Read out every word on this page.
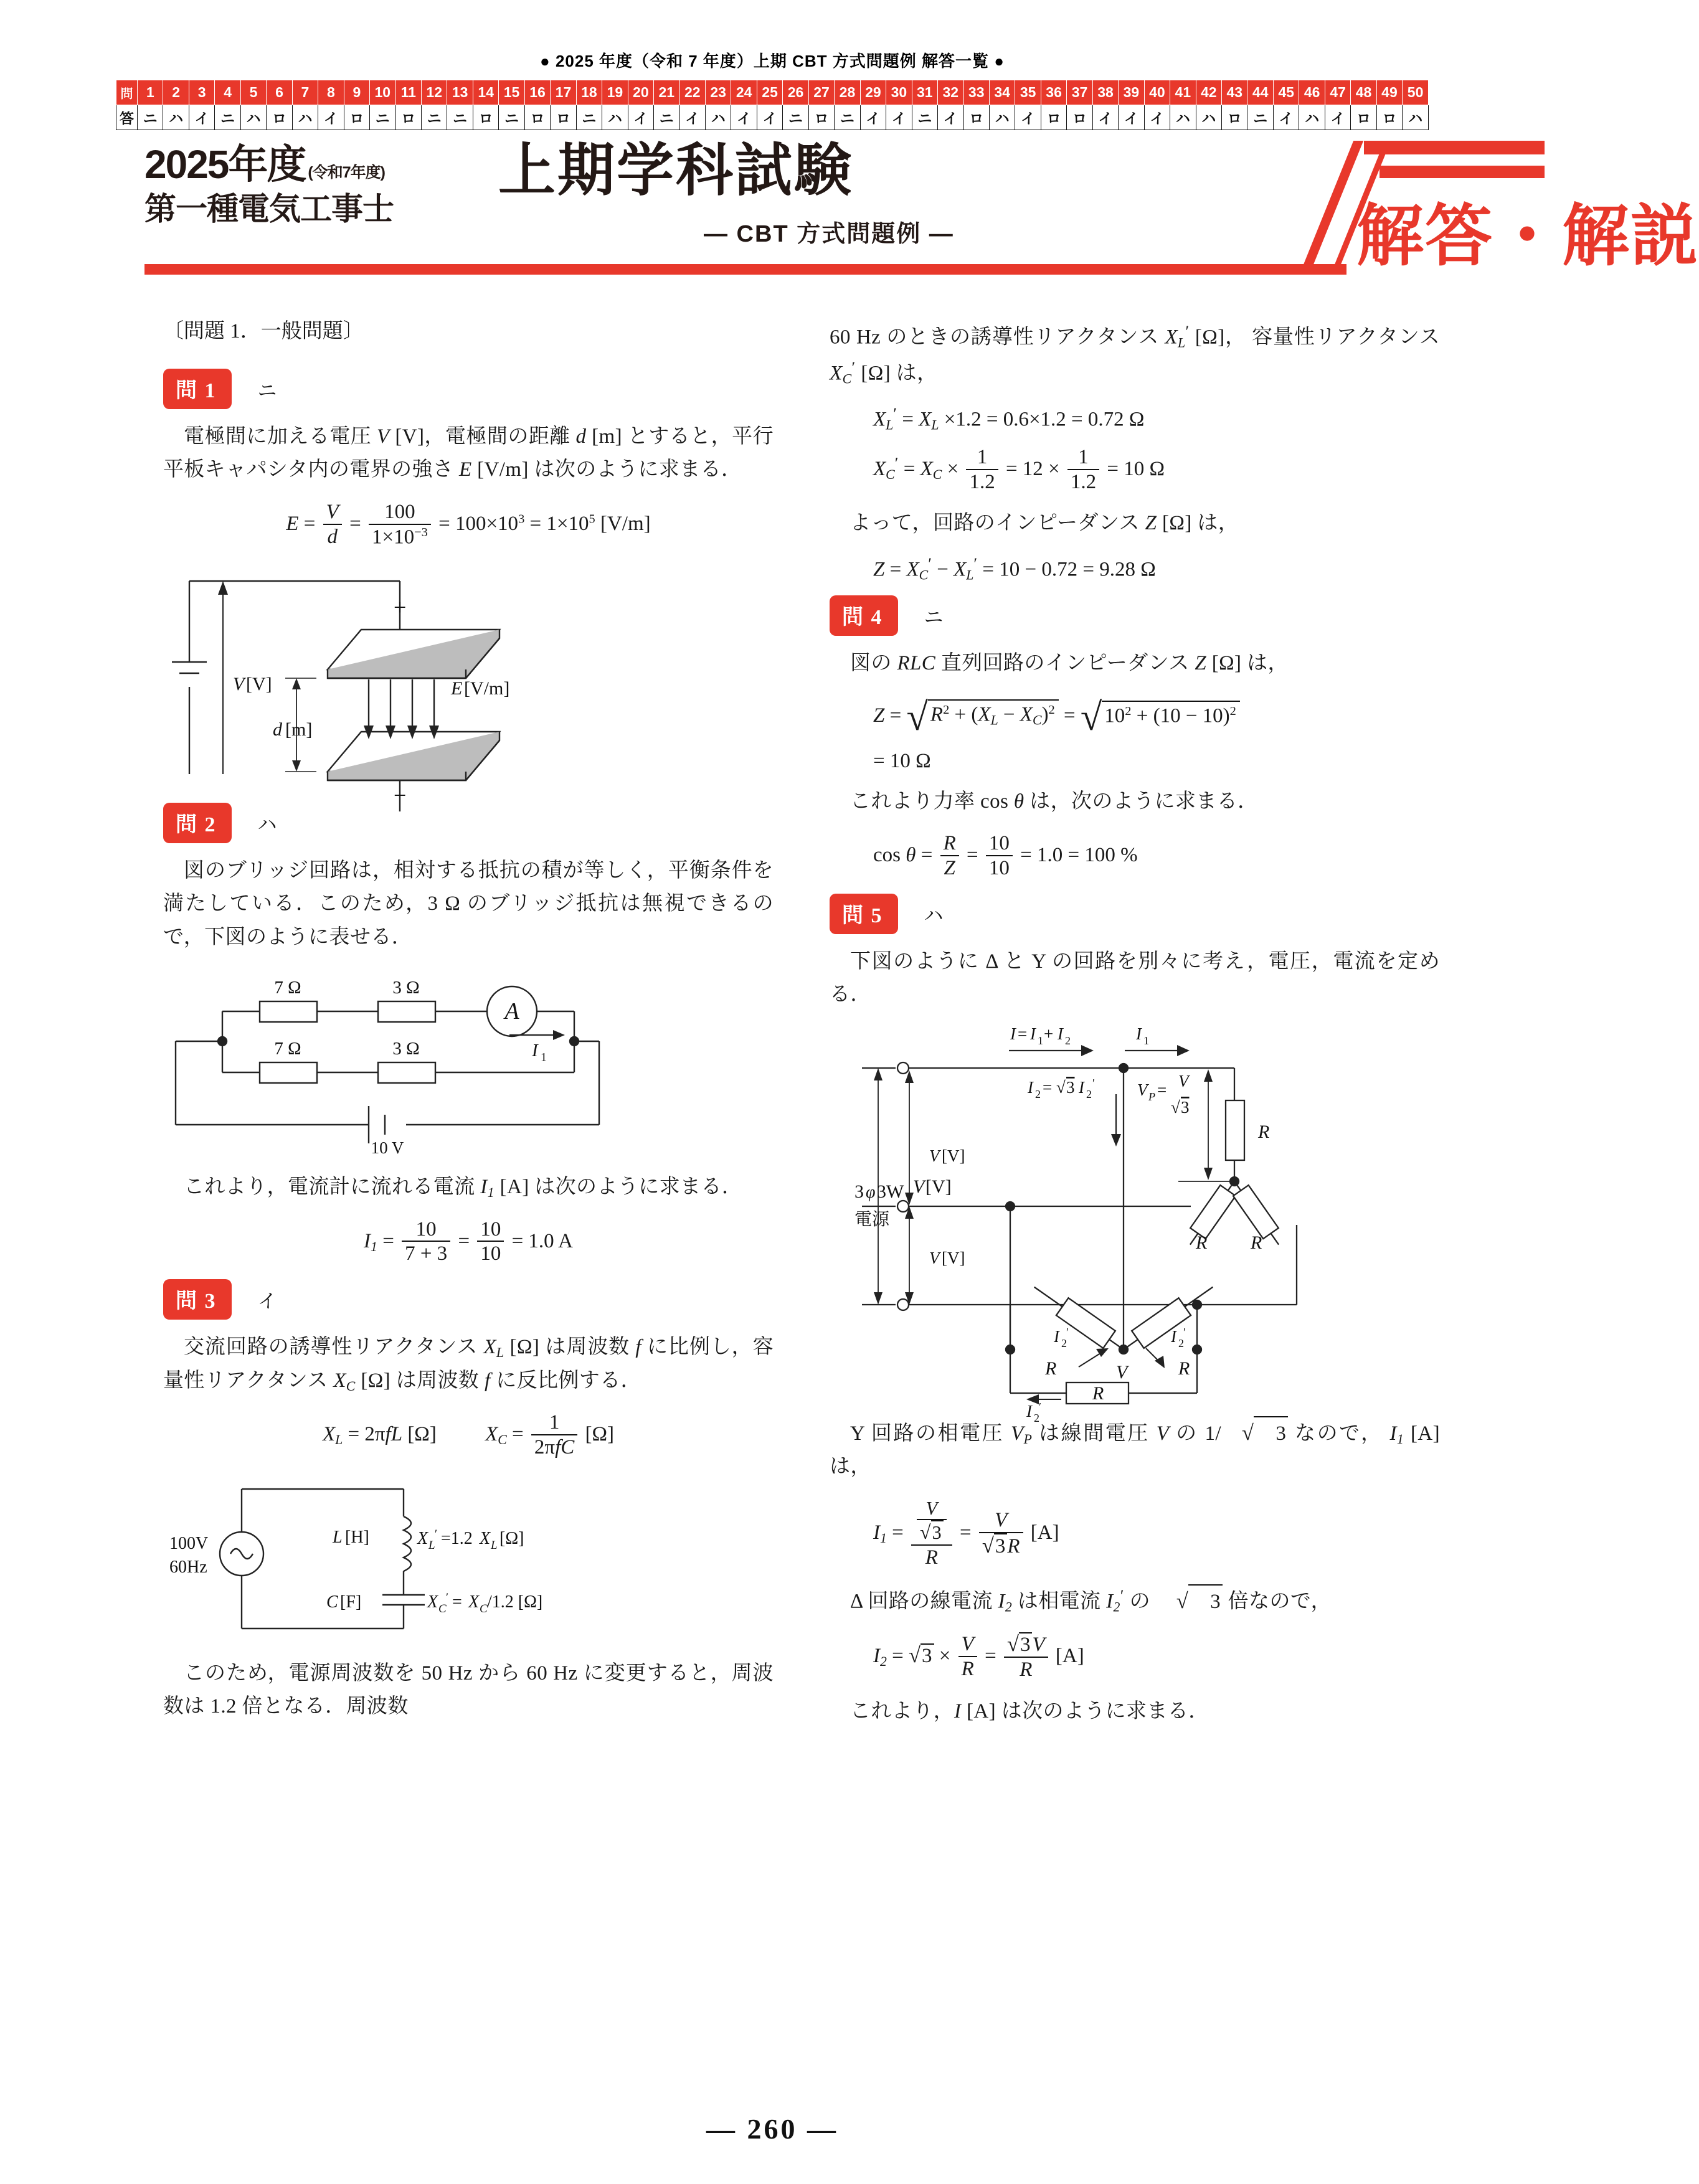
● 2025 年度（令和 7 年度）上期 CBT 方式問題例 解答一覧 ●
問	1	2	3	4	5	6	7	8	9	10	11	12	13	14	15	16	17	18	19	20	21	22	23	24	25	26	27	28	29	30	31	32	33	34	35	36	37	38	39	40	41	42	43	44	45	46	47	48	49	50
答	ニ	ハ	イ	ニ	ハ	ロ	ハ	イ	ロ	ニ	ロ	ニ	ニ	ロ	ニ	ロ	ロ	ニ	ハ	イ	ニ	イ	ハ	イ	イ	ニ	ロ	ニ	イ	イ	ニ	イ	ロ	ハ	イ	ロ	ロ	イ	イ	イ	ハ	ハ	ロ	ニ	イ	ハ	イ	ロ	ロ	ハ
2025年度 (令和7年度)
第一種電気工事士
上期学科試験
— CBT 方式問題例 —	解答・解説
〔問題 1．一般問題〕
問 1	ニ

電極間に加える電圧 V [V]，電極間の距離 d [m] とすると，平行平板キャパシタ内の電界の強さ E [V/m] は次のように求まる．

$E = \frac{V}{d} = \frac{100}{1\times 10^{-3}} = 100\times 10^3 = 1\times 10^5$ [V/m]
+
−
V [V]
d [m]
E [V/m]
問 2	ハ

図のブリッジ回路は，相対する抵抗の積が等しく，平衡条件を満たしている．このため，3 Ω のブリッジ抵抗は無視できるので，下図のように表せる．

7 Ω	3 Ω
7 Ω	3 Ω
A
10 V
I 1

これより，電流計に流れる電流 $I_1$ [A] は次のように求まる．

$I_1 = \frac{10}{7 + 3} = \frac{10}{10} = 1.0$ A
問 3	イ

交流回路の誘導性リアクタンス $X_L$ [Ω] は周波数 f に比例し，容量性リアクタンス $X_C$ [Ω] は周波数 f に反比例する．

$X_L = 2\pi fL$ [Ω] $X_C = \frac{1}{\text{2πfC}} [\Omega]$
100V
60Hz
L [H]	X L
′ =1.2 X L [Ω]
C [F]	X C
′ = X C /1.2 [Ω]

このため，電源周波数を 50 Hz から 60 Hz に変更すると，周波数は 1.2 倍となる．周波数

60 Hz のときの誘導性リアクタンス $X_L'$ [Ω]， 容量性リアクタンス $X_C'$ [Ω] は，

$X_L' = X_L \times 1.2 = 0.6\times 1.2 = 0.72$ Ω
$X_C' = X_C \times \frac{1}{1.2} = 12 \times \frac{1}{1.2} = 10$ Ω

よって，回路のインピーダンス Z [Ω] は，

$Z = X_C' - X_L' = 10 - 0.72 = 9.28$ Ω
問 4	ニ

図の RLC 直列回路のインピーダンス Z [Ω] は，

Z = √ $R^2 + (X_L - X_C)^2 = √10^2 + (10 - 10)^2$
= 10 Ω

これより力率 cos θ は，次のように求まる．

$\cos \theta = \frac{R}{Z} = \frac{10}{10} = 1.0 = 100$ %
問 5	ハ

下図のように Δ と Y の回路を別々に考え，電圧，電流を定める．

I = I 1 + I 2	I 1
I 2 = √ 3 I 2
′	V P = V
√ 3
R
R R
V [V]
V [V]
3 φ 3W
電源
V [V]
I 2
′	I 2
′
R	R
V
R
I 2
′

Y 回路の相電圧 $V_P$ は線間電圧 V の 1/ √ 3 なので， $I_1$ [A] は，

$I_1 = \frac{\frac{V}{√3}}{R} = \frac{V}{√3R} [A]$

Δ 回路の線電流 $I_2$ は相電流 $I_2'$ の √ 3 倍なので，

$I_2 = √3 \times \frac{V}{R} = \frac{√3V}{R} [A]$

これより，I [A] は次のように求まる．

— 260 —
